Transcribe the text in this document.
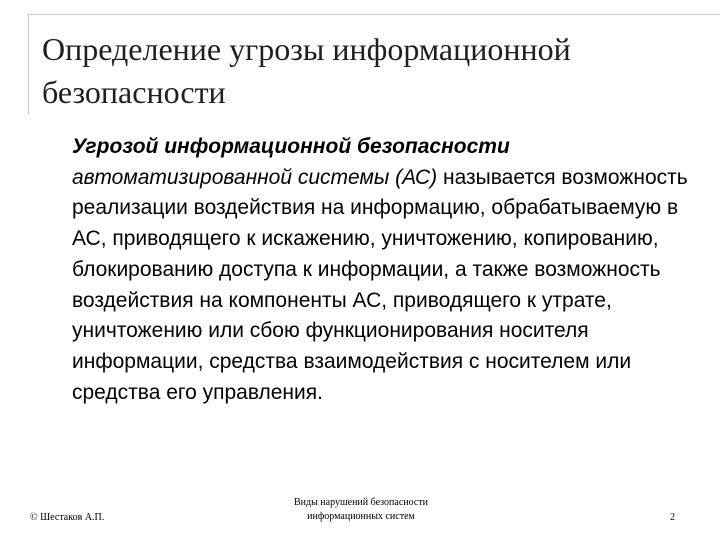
Определение угрозы информационной безопасности

Угрозой информационной безопасности автоматизированной системы (АС) называется возможность реализации воздействия на информацию, обрабатываемую в АС, приводящего к искажению, уничтожению, копированию, блокированию доступа к информации, а также возможность воздействия на компоненты АС, приводящего к утрате, уничтожению или сбою функционирования носителя информации, средства взаимодействия с носителем или средства его управления.

© Шестаков А.П.
Виды нарушений безопасности
информационных систем	2
